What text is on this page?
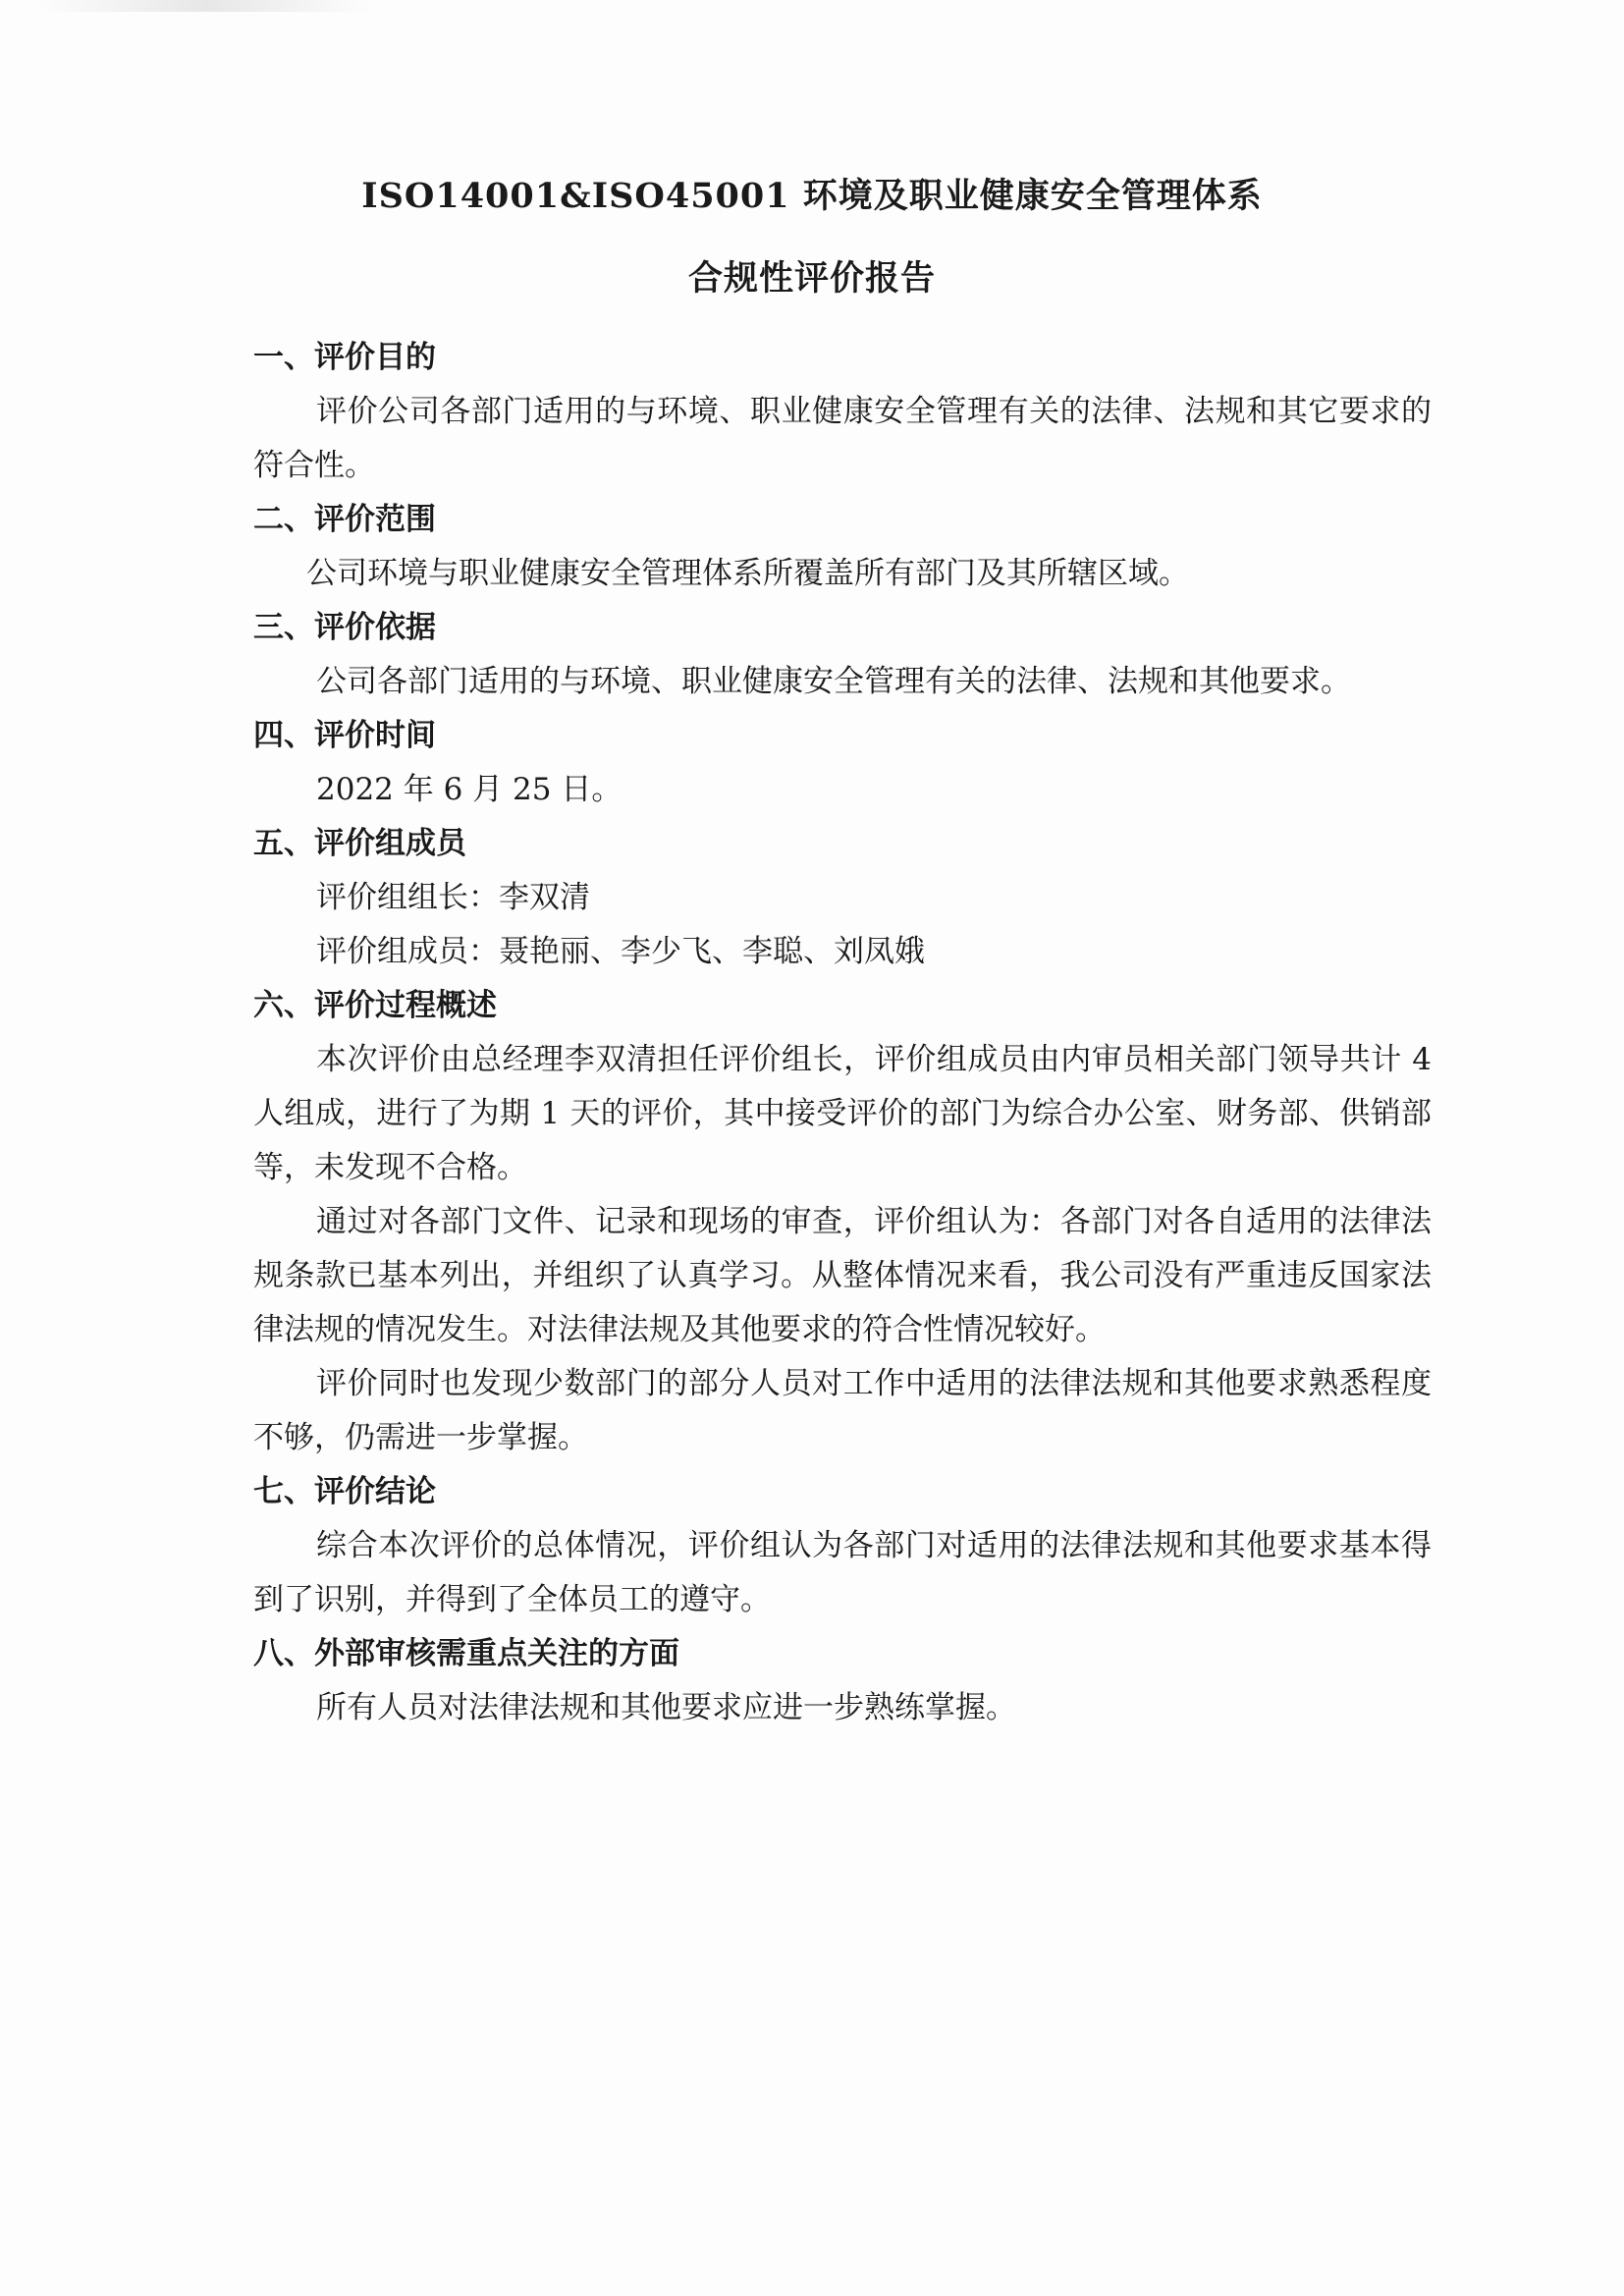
ISO14001&ISO45001 环境及职业健康安全管理体系
合规性评价报告
一、评价目的
评价公司各部门适用的与环境、职业健康安全管理有关的法律、法规和其它要求的符合性。
二、评价范围
公司环境与职业健康安全管理体系所覆盖所有部门及其所辖区域。
三、评价依据
公司各部门适用的与环境、职业健康安全管理有关的法律、法规和其他要求。
四、评价时间
2022 年 6 月 25 日。
五、评价组成员
评价组组长：李双清
评价组成员：聂艳丽、李少飞、李聪、刘凤娥
六、评价过程概述
本次评价由总经理李双清担任评价组长，评价组成员由内审员相关部门领导共计 4 人组成，进行了为期 1 天的评价，其中接受评价的部门为综合办公室、财务部、供销部等，未发现不合格。
通过对各部门文件、记录和现场的审查，评价组认为：各部门对各自适用的法律法规条款已基本列出，并组织了认真学习。从整体情况来看，我公司没有严重违反国家法律法规的情况发生。对法律法规及其他要求的符合性情况较好。
评价同时也发现少数部门的部分人员对工作中适用的法律法规和其他要求熟悉程度不够，仍需进一步掌握。
七、评价结论
综合本次评价的总体情况，评价组认为各部门对适用的法律法规和其他要求基本得到了识别，并得到了全体员工的遵守。
八、外部审核需重点关注的方面
所有人员对法律法规和其他要求应进一步熟练掌握。
